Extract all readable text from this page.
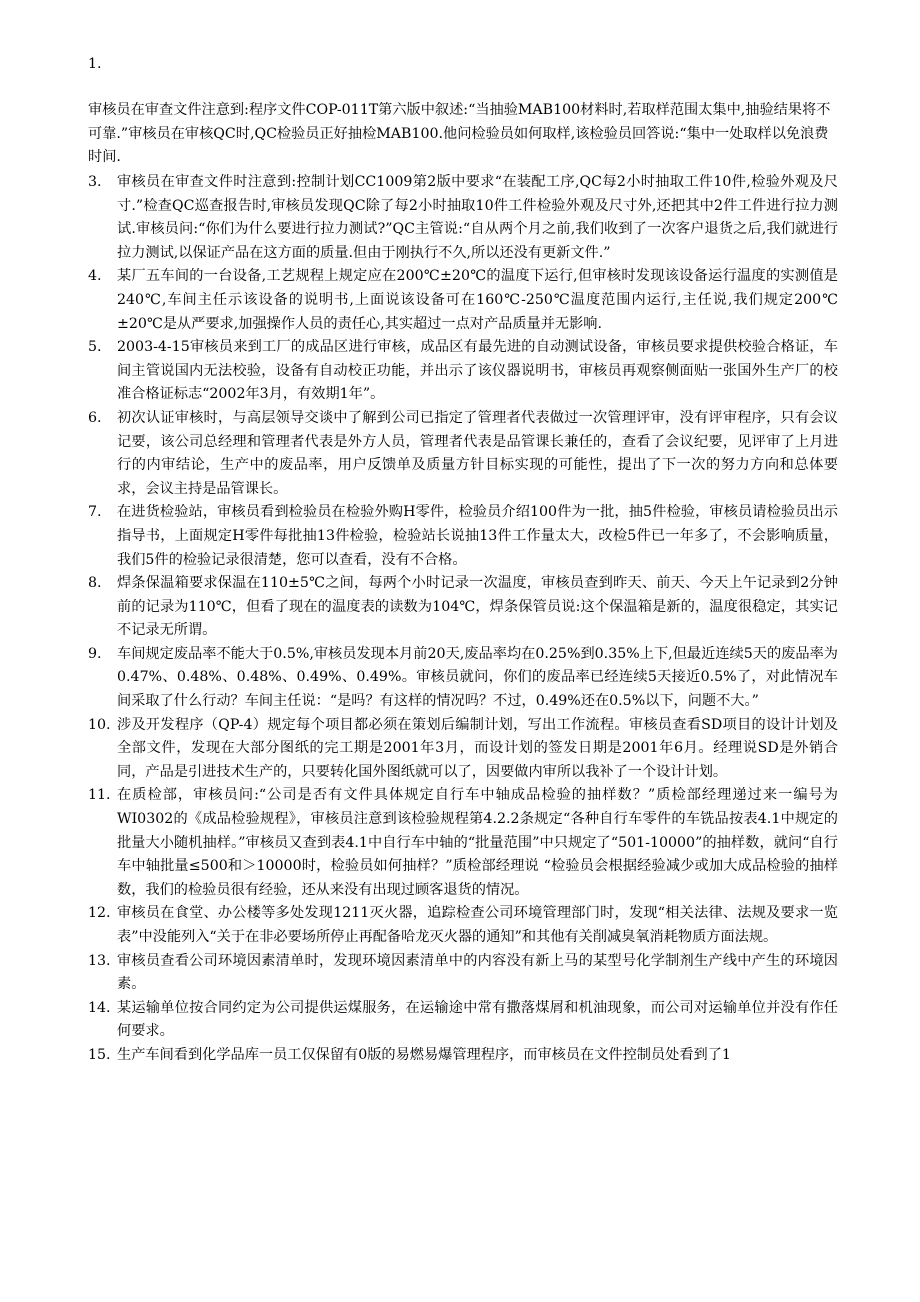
1.
审核员在审查文件注意到:程序文件COP-011T第六版中叙述:“当抽验MAB100材料时,若取样范围太集中,抽验结果将不可靠.”审核员在审核QC时,QC检验员正好抽检MAB100.他问检验员如何取样,该检验员回答说:“集中一处取样以免浪费时间.
3.	审核员在审查文件时注意到:控制计划CC1009第2版中要求“在装配工序,QC每2小时抽取工件10件,检验外观及尺寸.”检查QC巡查报告时,审核员发现QC除了每2小时抽取10件工件检验外观及尺寸外,还把其中2件工件进行拉力测试.审核员问:“你们为什么要进行拉力测试?”QC主管说:“自从两个月之前,我们收到了一次客户退货之后,我们就进行拉力测试,以保证产品在这方面的质量.但由于刚执行不久,所以还没有更新文件.”
4.	某厂五车间的一台设备,工艺规程上规定应在200℃±20℃的温度下运行,但审核时发现该设备运行温度的实测值是240℃,车间主任示该设备的说明书,上面说该设备可在160℃-250℃温度范围内运行,主任说,我们规定200℃±20℃是从严要求,加强操作人员的责任心,其实超过一点对产品质量并无影响.
5.	2003-4-15审核员来到工厂的成品区进行审核，成品区有最先进的自动测试设备，审核员要求提供校验合格证，车间主管说国内无法校验，设备有自动校正功能，并出示了该仪器说明书，审核员再观察侧面贴一张国外生产厂的校准合格证标志“2002年3月，有效期1年”。
6.	初次认证审核时，与高层领导交谈中了解到公司已指定了管理者代表做过一次管理评审，没有评审程序，只有会议记要，该公司总经理和管理者代表是外方人员，管理者代表是品管课长兼任的，查看了会议纪要，见评审了上月进行的内审结论，生产中的废品率，用户反馈单及质量方针目标实现的可能性，提出了下一次的努力方向和总体要求，会议主持是品管课长。
7.	在进货检验站，审核员看到检验员在检验外购H零件，检验员介绍100件为一批，抽5件检验，审核员请检验员出示指导书，上面规定H零件每批抽13件检验，检验站长说抽13件工作量太大，改检5件已一年多了，不会影响质量，我们5件的检验记录很清楚，您可以查看，没有不合格。
8.	焊条保温箱要求保温在110±5℃之间，每两个小时记录一次温度，审核员查到昨天、前天、今天上午记录到2分钟前的记录为110℃，但看了现在的温度表的读数为104℃，焊条保管员说:这个保温箱是新的，温度很稳定，其实记不记录无所谓。
9.	车间规定废品率不能大于0.5%,审核员发现本月前20天,废品率均在0.25%到0.35%上下,但最近连续5天的废品率为0.47%、0.48%、0.48%、0.49%、0.49%。审核员就问，你们的废品率已经连续5天接近0.5%了，对此情况车间采取了什么行动？车间主任说：“是吗？有这样的情况吗？不过，0.49%还在0.5%以下，问题不大。”
10. 涉及开发程序（QP-4）规定每个项目都必须在策划后编制计划，写出工作流程。审核员查看SD项目的设计计划及全部文件，发现在大部分图纸的完工期是2001年3月，而设计划的签发日期是2001年6月。经理说SD是外销合同，产品是引进技术生产的，只要转化国外图纸就可以了，因要做内审所以我补了一个设计计划。
11. 在质检部，审核员问:“公司是否有文件具体规定自行车中轴成品检验的抽样数？”质检部经理递过来一编号为WI0302的《成品检验规程》，审核员注意到该检验规程第4.2.2条规定“各种自行车零件的车铣品按表4.1中规定的批量大小随机抽样。”审核员又查到表4.1中自行车中轴的“批量范围”中只规定了“501-10000”的抽样数，就问“自行车中轴批量≤500和＞10000时，检验员如何抽样？”质检部经理说 “检验员会根据经验减少或加大成品检验的抽样数，我们的检验员很有经验，还从来没有出现过顾客退货的情况。
12. 审核员在食堂、办公楼等多处发现1211灭火器，追踪检查公司环境管理部门时，发现“相关法律、法规及要求一览表”中没能列入“关于在非必要场所停止再配备哈龙灭火器的通知”和其他有关削减臭氧消耗物质方面法规。
13. 审核员查看公司环境因素清单时，发现环境因素清单中的内容没有新上马的某型号化学制剂生产线中产生的环境因素。
14. 某运输单位按合同约定为公司提供运煤服务，在运输途中常有撒落煤屑和机油现象，而公司对运输单位并没有作任何要求。
15. 生产车间看到化学品库一员工仅保留有0版的易燃易爆管理程序，而审核员在文件控制员处看到了1
